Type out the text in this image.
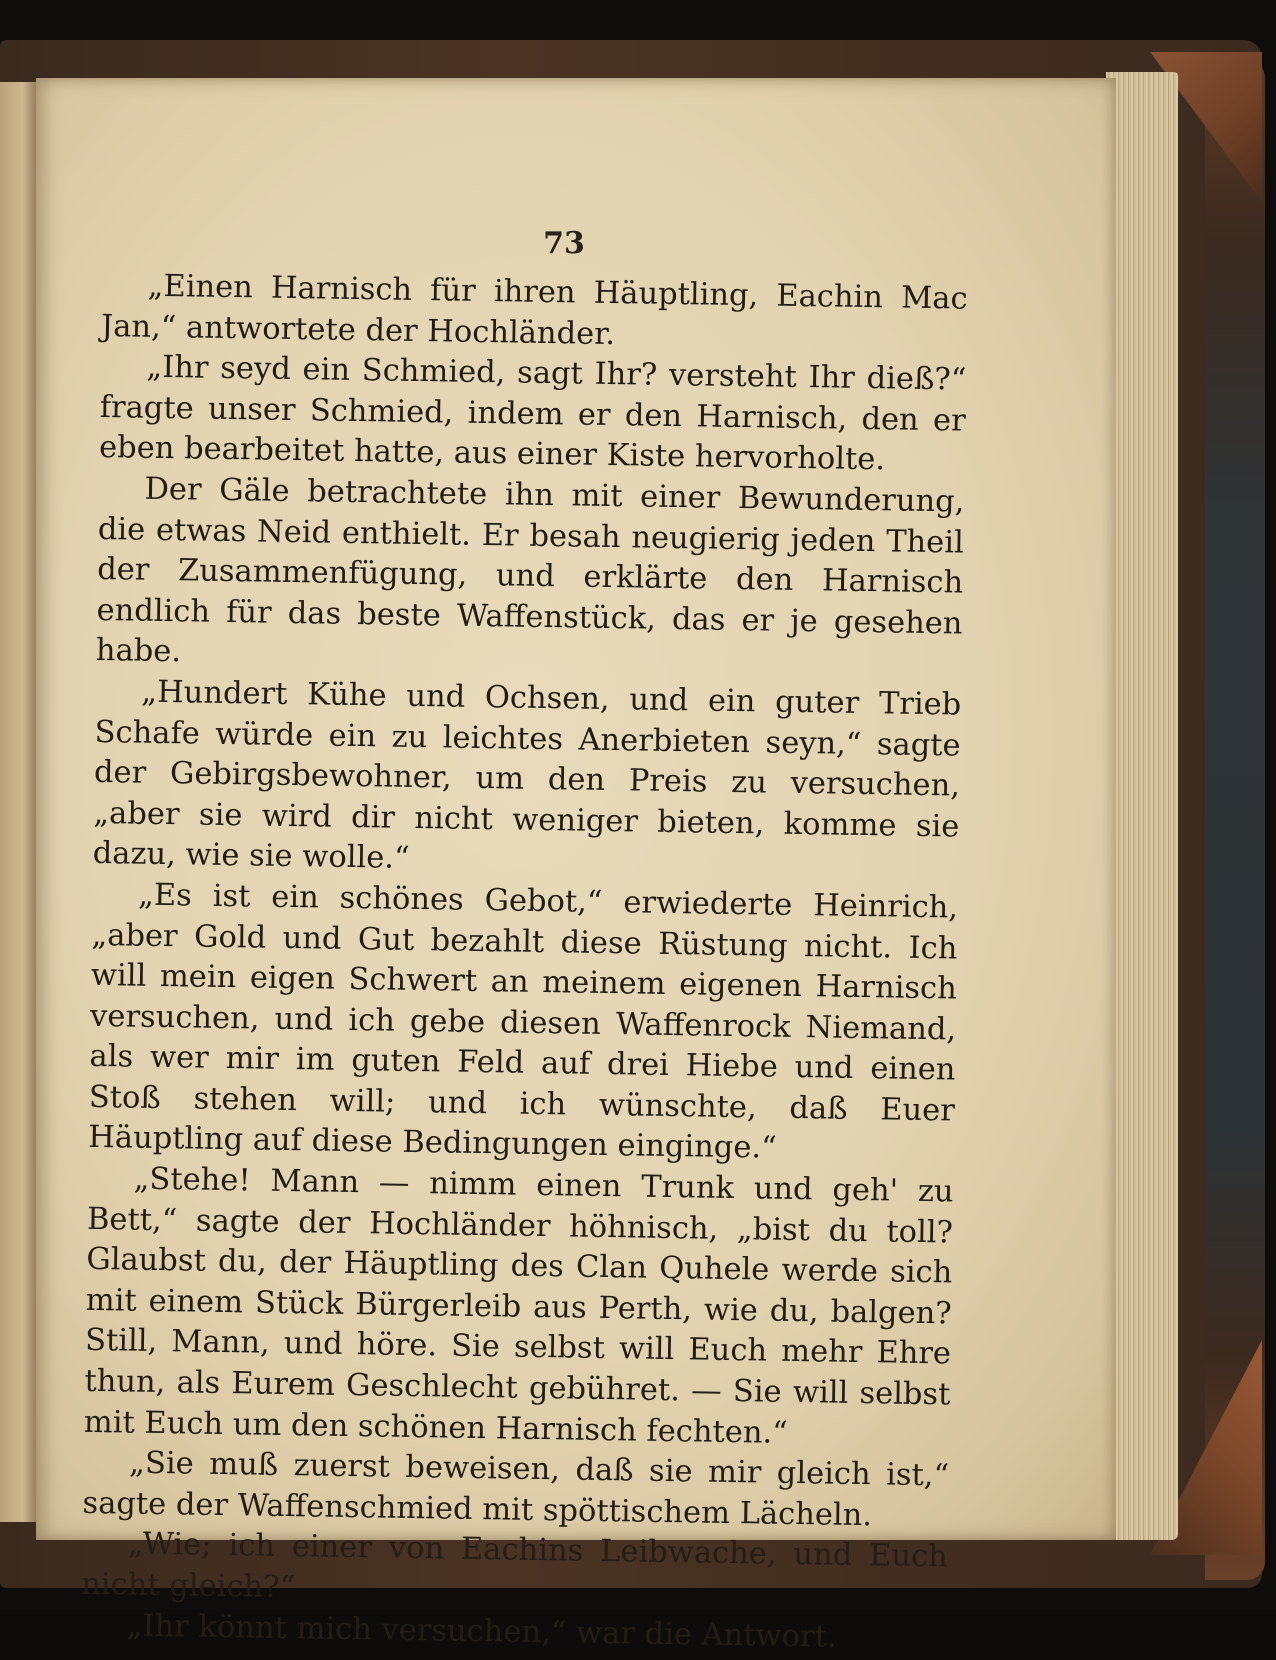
73

„Einen Harnisch für ihren Häuptling, Eachin Mac Jan,“ antwortete der Hochländer.

„Ihr seyd ein Schmied, sagt Ihr? versteht Ihr dieß?“ fragte unser Schmied, indem er den Harnisch, den er eben bearbeitet hatte, aus einer Kiste hervorholte.

Der Gäle betrachtete ihn mit einer Bewunderung, die etwas Neid enthielt. Er besah neugierig jeden Theil der Zusammenfügung, und erklärte den Harnisch endlich für das beste Waffenstück, das er je gesehen habe.

„Hundert Kühe und Ochsen, und ein guter Trieb Schafe würde ein zu leichtes Anerbieten seyn,“ sagte der Gebirgsbewohner, um den Preis zu versuchen, „aber sie wird dir nicht weniger bieten, komme sie dazu, wie sie wolle.“

„Es ist ein schönes Gebot,“ erwiederte Heinrich, „aber Gold und Gut bezahlt diese Rüstung nicht. Ich will mein eigen Schwert an meinem eigenen Harnisch versuchen, und ich gebe diesen Waffenrock Niemand, als wer mir im guten Feld auf drei Hiebe und einen Stoß stehen will; und ich wünschte, daß Euer Häuptling auf diese Bedingungen einginge.“

„Stehe! Mann — nimm einen Trunk und geh' zu Bett,“ sagte der Hochländer höhnisch, „bist du toll? Glaubst du, der Häuptling des Clan Quhele werde sich mit einem Stück Bürgerleib aus Perth, wie du, balgen? Still, Mann, und höre. Sie selbst will Euch mehr Ehre thun, als Eurem Geschlecht gebühret. — Sie will selbst mit Euch um den schönen Harnisch fechten.“

„Sie muß zuerst beweisen, daß sie mir gleich ist,“ sagte der Waffenschmied mit spöttischem Lächeln.

„Wie; ich einer von Eachins Leibwache, und Euch nicht gleich?“

„Ihr könnt mich versuchen,“ war die Antwort.
